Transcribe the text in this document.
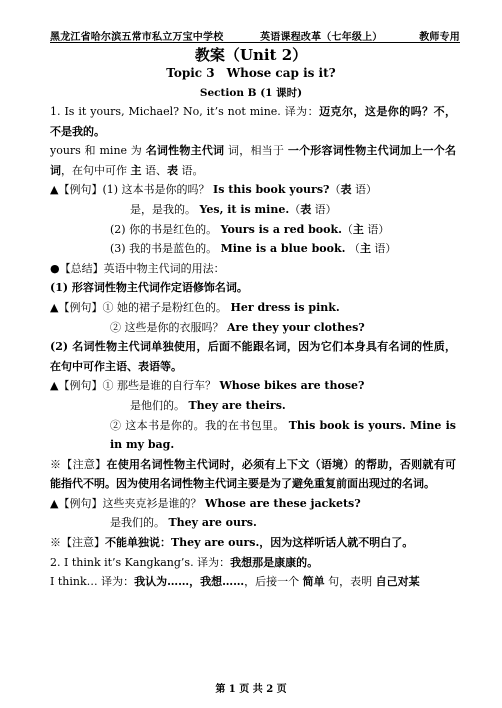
黑龙江省哈尔滨五常市私立万宝中学校	英语课程改革（七年级上）	教师专用
教案（Unit 2）
Topic 3 Whose cap is it?
Section B (1 课时)

1. Is it yours, Michael? No, it’s not mine. 译为：迈克尔，这是你的吗？不，不是我的。

yours 和 mine 为 名词性物主代词 词，相当于 一个形容词性物主代词加上一个名词，在句中可作 主 语、表 语。

▲【例句】(1) 这本书是你的吗？ Is this book yours?（表 语）

是，是我的。 Yes, it is mine.（表 语）

(2) 你的书是红色的。 Yours is a red book.（主 语）

(3) 我的书是蓝色的。 Mine is a blue book. （主 语）

●【总结】英语中物主代词的用法：

(1) 形容词性物主代词作定语修饰名词。

▲【例句】① 她的裙子是粉红色的。 Her dress is pink.

② 这些是你的衣服吗？ Are they your clothes?

(2) 名词性物主代词单独使用，后面不能跟名词，因为它们本身具有名词的性质，在句中可作主语、表语等。

▲【例句】① 那些是谁的自行车？ Whose bikes are those?

是他们的。 They are theirs.

② 这本书是你的。我的在书包里。 This book is yours. Mine is in my bag.

※【注意】在使用名词性物主代词时，必须有上下文（语境）的帮助，否则就有可能指代不明。因为使用名词性物主代词主要是为了避免重复前面出现过的名词。

▲【例句】这些夹克衫是谁的？ Whose are these jackets?

是我们的。 They are ours.

※【注意】不能单独说：They are ours.，因为这样听话人就不明白了。

2. I think it’s Kangkang’s. 译为：我想那是康康的。

I think… 译为：我认为……，我想……，后接一个 简单 句，表明 自己对某

第 1 页 共 2 页
